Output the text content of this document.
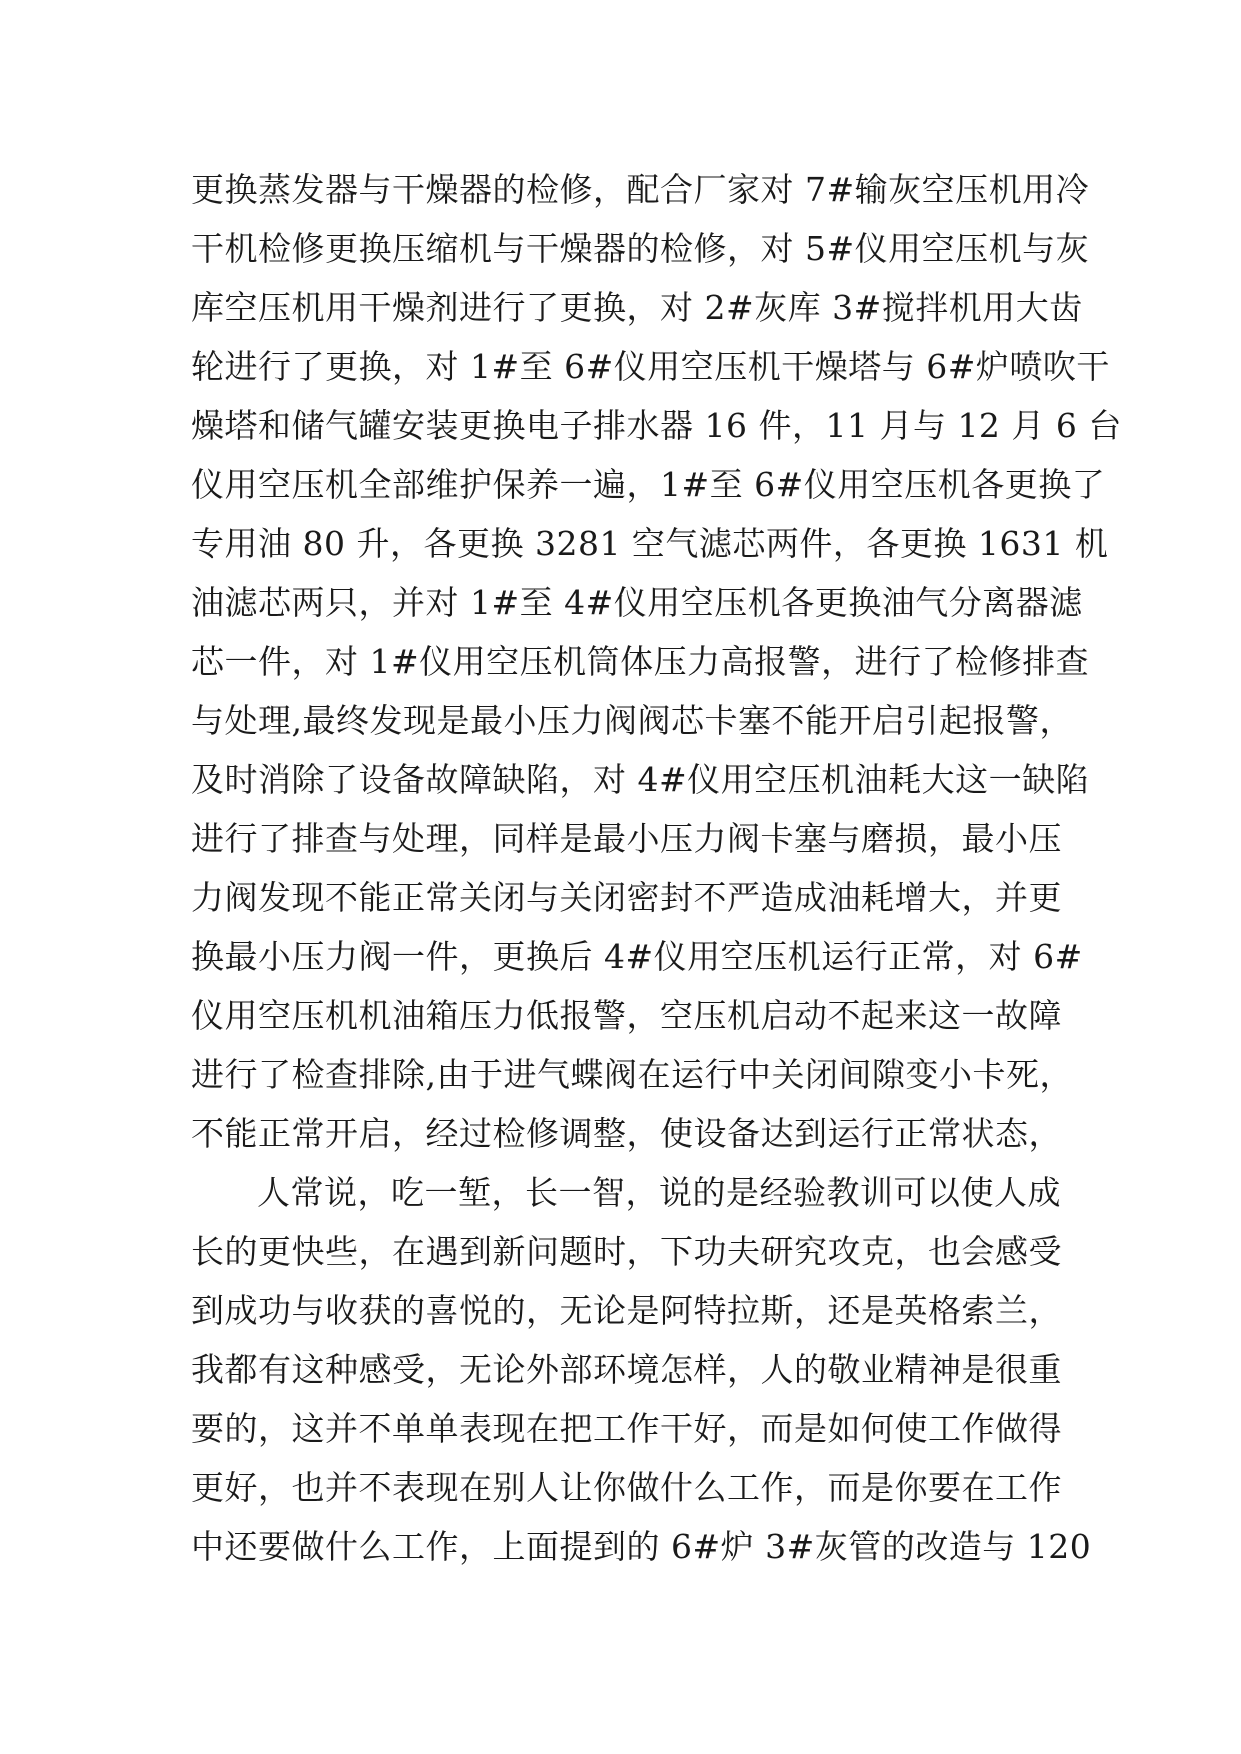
更换蒸发器与干燥器的检修，配合厂家对 7#输灰空压机用冷
干机检修更换压缩机与干燥器的检修，对 5#仪用空压机与灰
库空压机用干燥剂进行了更换，对 2#灰库 3#搅拌机用大齿
轮进行了更换，对 1#至 6#仪用空压机干燥塔与 6#炉喷吹干
燥塔和储气罐安装更换电子排水器 16 件，11 月与 12 月 6 台
仪用空压机全部维护保养一遍，1#至 6#仪用空压机各更换了
专用油 80 升，各更换 3281 空气滤芯两件，各更换 1631 机
油滤芯两只，并对 1#至 4#仪用空压机各更换油气分离器滤
芯一件，对 1#仪用空压机筒体压力高报警，进行了检修排查
与处理,最终发现是最小压力阀阀芯卡塞不能开启引起报警，
及时消除了设备故障缺陷，对 4#仪用空压机油耗大这一缺陷
进行了排查与处理，同样是最小压力阀卡塞与磨损，最小压
力阀发现不能正常关闭与关闭密封不严造成油耗增大，并更
换最小压力阀一件，更换后 4#仪用空压机运行正常，对 6#
仪用空压机机油箱压力低报警，空压机启动不起来这一故障
进行了检查排除,由于进气蝶阀在运行中关闭间隙变小卡死，
不能正常开启，经过检修调整，使设备达到运行正常状态，
人常说，吃一堑，长一智，说的是经验教训可以使人成
长的更快些，在遇到新问题时，下功夫研究攻克，也会感受
到成功与收获的喜悦的，无论是阿特拉斯，还是英格索兰，
我都有这种感受，无论外部环境怎样，人的敬业精神是很重
要的，这并不单单表现在把工作干好，而是如何使工作做得
更好，也并不表现在别人让你做什么工作，而是你要在工作
中还要做什么工作，上面提到的 6#炉 3#灰管的改造与 120
